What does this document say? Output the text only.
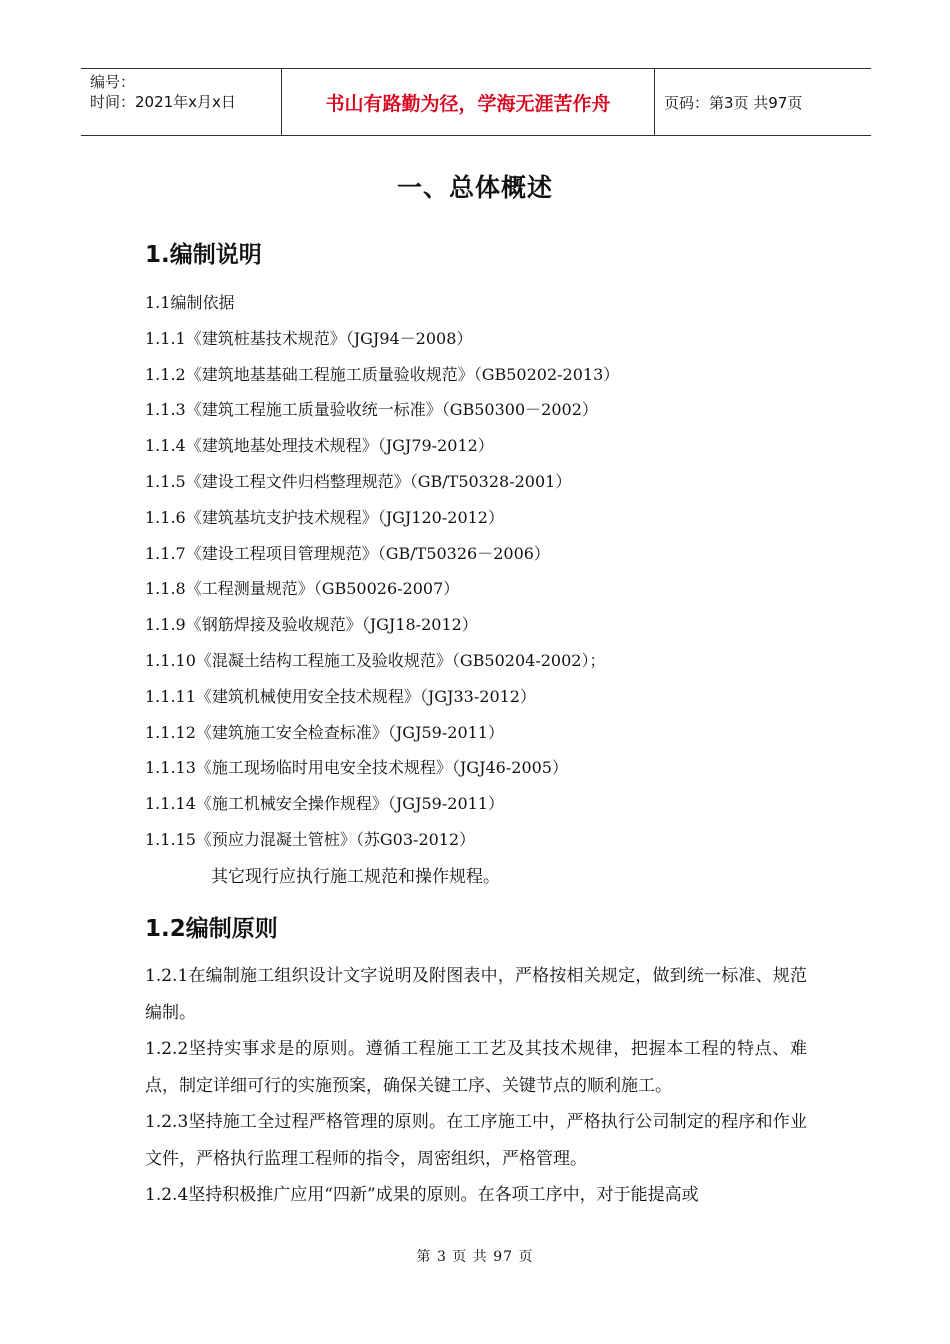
编号：
时间：2021年x月x日	书山有路勤为径，学海无涯苦作舟	页码：第3页 共97页
一、总体概述
1.编制说明
1.1编制依据
1.1.1《建筑桩基技术规范》（JGJ94－2008）
1.1.2《建筑地基基础工程施工质量验收规范》（GB50202-2013）
1.1.3《建筑工程施工质量验收统一标准》（GB50300－2002）
1.1.4《建筑地基处理技术规程》（JGJ79-2012）
1.1.5《建设工程文件归档整理规范》（GB/T50328-2001）
1.1.6《建筑基坑支护技术规程》（JGJ120-2012）
1.1.7《建设工程项目管理规范》（GB/T50326－2006）
1.1.8《工程测量规范》（GB50026-2007）
1.1.9《钢筋焊接及验收规范》（JGJ18-2012）
1.1.10《混凝土结构工程施工及验收规范》（GB50204-2002）；
1.1.11《建筑机械使用安全技术规程》（JGJ33-2012）
1.1.12《建筑施工安全检查标准》（JGJ59-2011）
1.1.13《施工现场临时用电安全技术规程》（JGJ46-2005）
1.1.14《施工机械安全操作规程》（JGJ59-2011）
1.1.15《预应力混凝土管桩》（苏G03-2012）
其它现行应执行施工规范和操作规程。
1.2编制原则

1.2.1在编制施工组织设计文字说明及附图表中，严格按相关规定，做到统一标准、规范编制。

1.2.2坚持实事求是的原则。遵循工程施工工艺及其技术规律，把握本工程的特点、难点，制定详细可行的实施预案，确保关键工序、关键节点的顺利施工。

1.2.3坚持施工全过程严格管理的原则。在工序施工中，严格执行公司制定的程序和作业文件，严格执行监理工程师的指令，周密组织，严格管理。

1.2.4坚持积极推广应用“四新”成果的原则。在各项工序中，对于能提高或

第 3 页 共 97 页
